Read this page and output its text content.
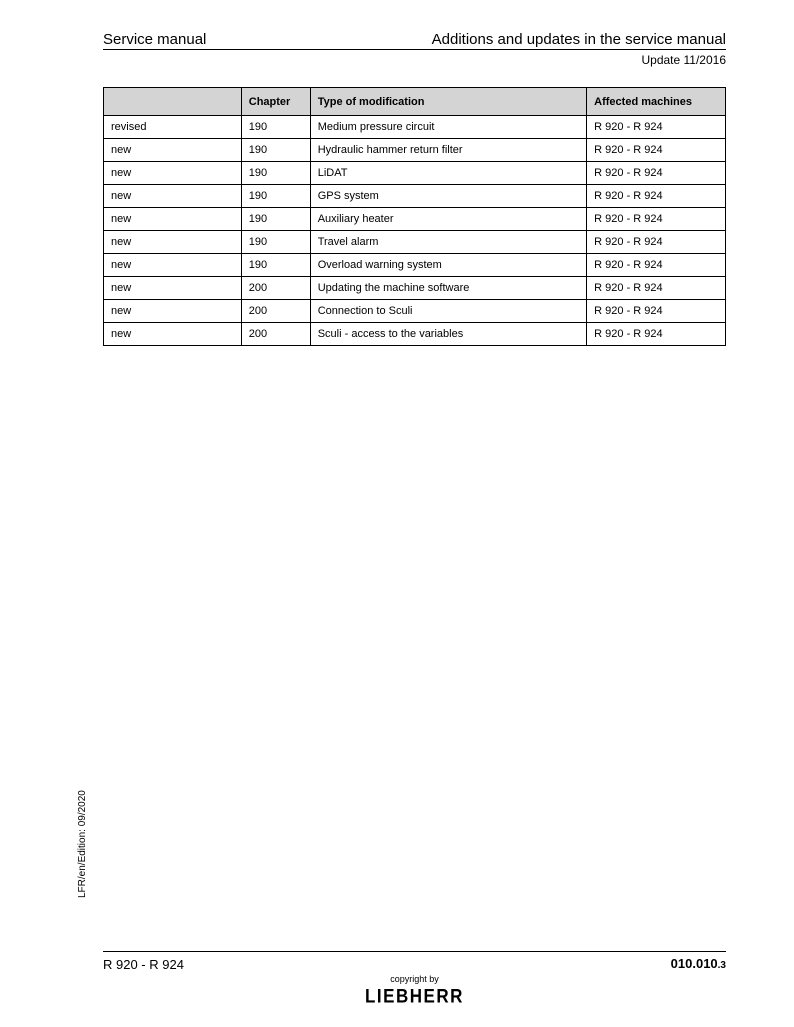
Service manual	Additions and updates in the service manual
Update 11/2016
	Chapter	Type of modification	Affected machines
revised	190	Medium pressure circuit	R 920 - R 924
new	190	Hydraulic hammer return filter	R 920 - R 924
new	190	LiDAT	R 920 - R 924
new	190	GPS system	R 920 - R 924
new	190	Auxiliary heater	R 920 - R 924
new	190	Travel alarm	R 920 - R 924
new	190	Overload warning system	R 920 - R 924
new	200	Updating the machine software	R 920 - R 924
new	200	Connection to Sculi	R 920 - R 924
new	200	Sculi - access to the variables	R 920 - R 924
LFR/en/Edition: 09/2020
R 920 - R 924	010.010.3
copyright by
LIEBHERR
